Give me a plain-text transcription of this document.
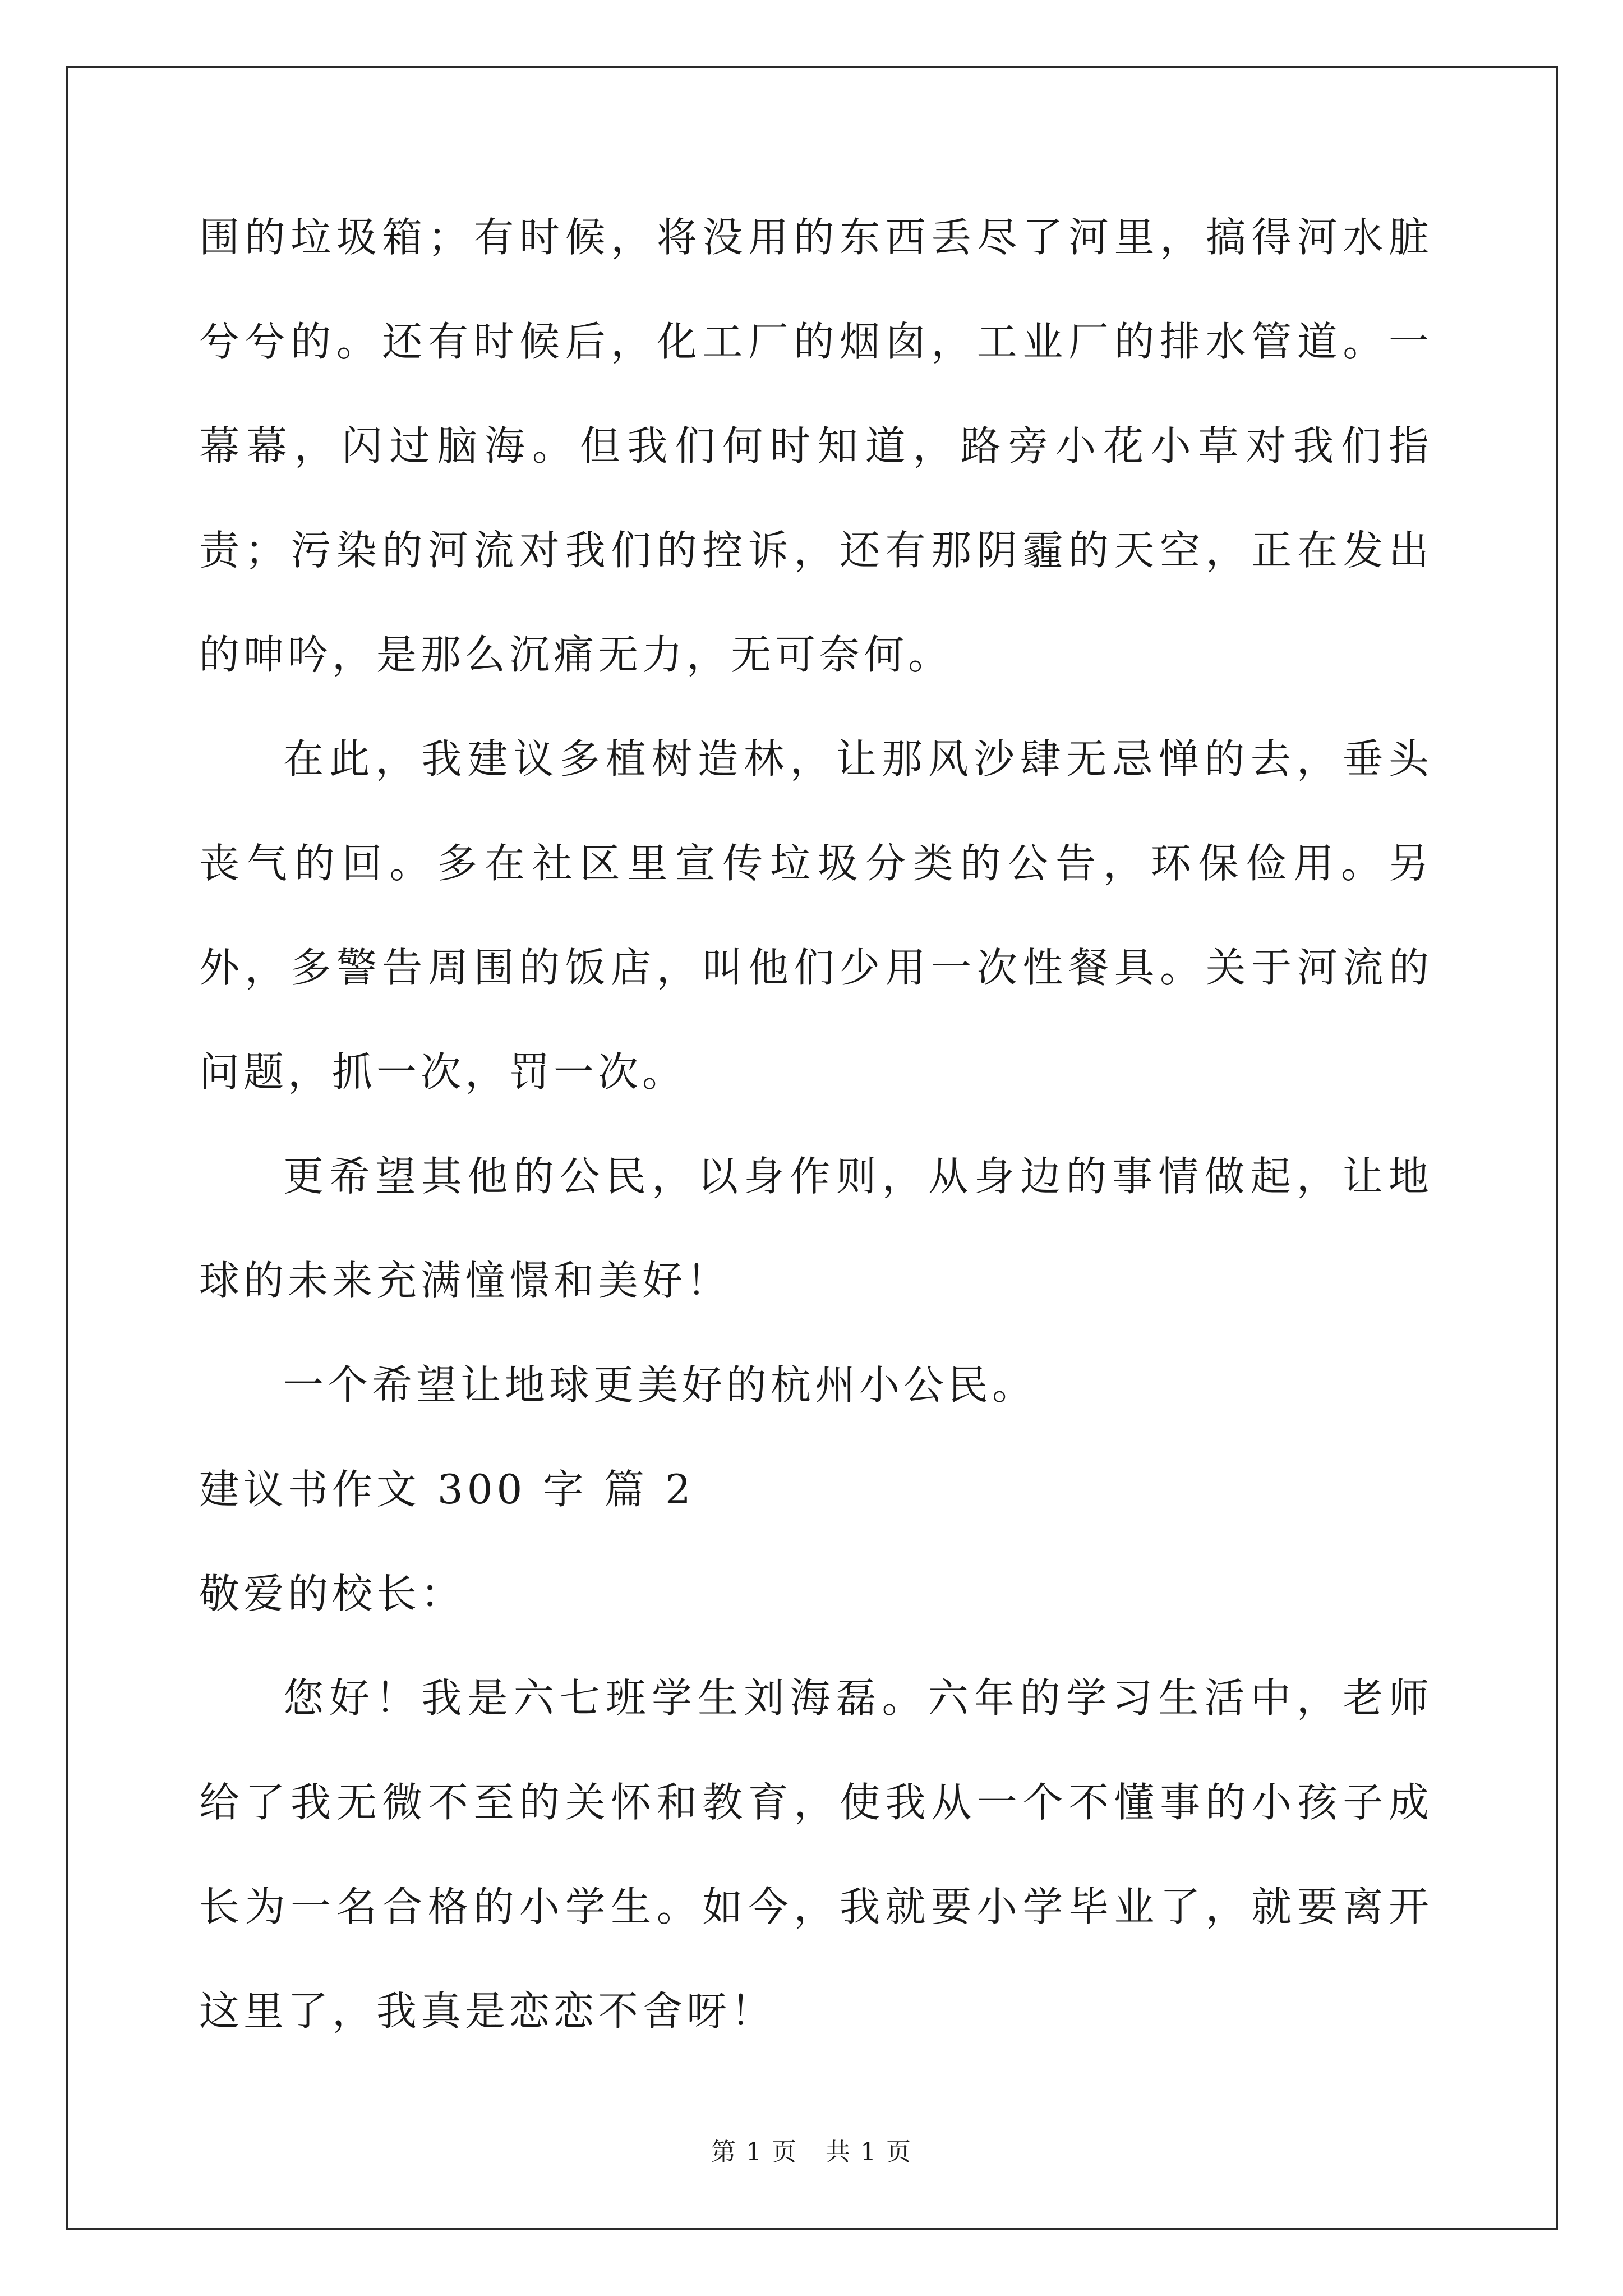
围的垃圾箱；有时候，将没用的东西丢尽了河里，搞得河水脏兮兮的。还有时候后，化工厂的烟囱，工业厂的排水管道。一幕幕，闪过脑海。但我们何时知道，路旁小花小草对我们指责；污染的河流对我们的控诉，还有那阴霾的天空，正在发出的呻吟，是那么沉痛无力，无可奈何。

在此，我建议多植树造林，让那风沙肆无忌惮的去，垂头丧气的回。多在社区里宣传垃圾分类的公告，环保俭用。另外，多警告周围的饭店，叫他们少用一次性餐具。关于河流的问题，抓一次，罚一次。

更希望其他的公民，以身作则，从身边的事情做起，让地球的未来充满憧憬和美好！

一个希望让地球更美好的杭州小公民。

建议书作文 300 字 篇 2

敬爱的校长：

您好！我是六七班学生刘海磊。六年的学习生活中，老师给了我无微不至的关怀和教育，使我从一个不懂事的小孩子成长为一名合格的小学生。如今，我就要小学毕业了，就要离开这里了，我真是恋恋不舍呀！

第 1 页 共 1 页
